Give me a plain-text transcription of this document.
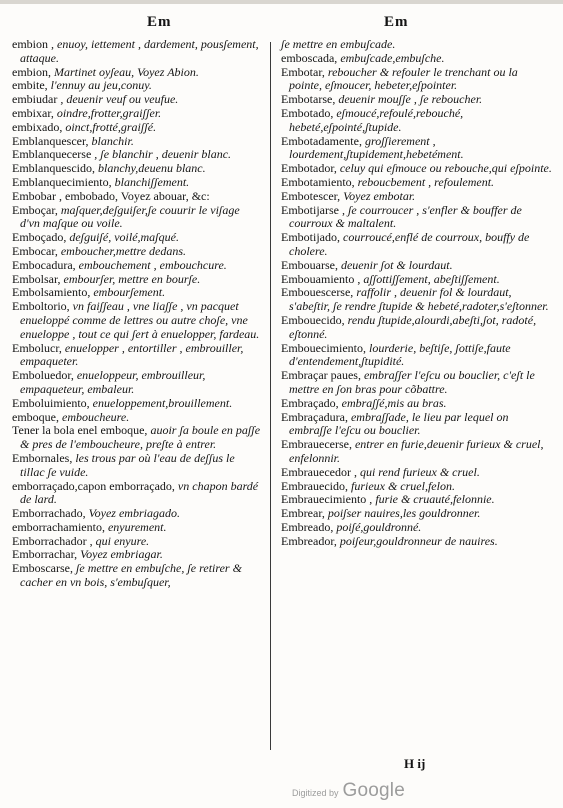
Em	Em

embion , enuoy, iettement , dardement, pousʃement, attaque.

embion, Martinet oyʃeau, Voyez Abion.

embite, l'ennuy au jeu,conuy.

embiudar , deuenir veuf ou veufue.

embixar, oindre,frotter,graiʃʃer.

embixado, oinct,frotté,graiʃʃé.

Emblanquescer, blanchir.

Emblanquecerse , ʃe blanchir , deuenir blanc.

Emblanquescido, blanchy,deuenu blanc.

Emblanquecimiento, blanchiʃʃement.

Embobar , embobado, Voyez abouar, &c:

Emboçar, maʃquer,deʃguiʃer,ʃe couurir le viʃage d'vn maʃque ou voile.

Emboçado, deʃguiʃé, voilé,maʃqué.

Embocar, emboucher,mettre dedans.

Embocadura, embouchement , embouchcure.

Embolsar, embourʃer, mettre en bourʃe.

Embolsamiento, embourʃement.

Emboltorio, vn faiʃʃeau , vne liaʃʃe , vn pacquet enueloppé comme de lettres ou autre choʃe, vne enueloppe , tout ce qui ʃert à enuelopper, fardeau.

Embolucr, enuelopper , entortiller , embrouiller, empaqueter.

Emboluedor, enueloppeur, embrouilleur, empaqueteur, embaleur.

Emboluimiento, enueloppement,brouillement.

emboque, emboucheure.

Tener la bola enel emboque, auoir ʃa boule en paʃʃe & pres de l'emboucheure, preʃte à entrer.

Embornales, les trous par où l'eau de deʃʃus le tillac ʃe vuide.

emborraçado,capon emborraçado, vn chapon bardé de lard.

Emborrachado, Voyez embriagado.

emborrachamiento, enyurement.

Emborrachador , qui enyure.

Emborrachar, Voyez embriagar.

Emboscarse, ʃe mettre en embuʃche, ʃe retirer & cacher en vn bois, s'embuʃquer,

ʃe mettre en embuʃcade.

emboscada, embuʃcade,embuʃche.

Embotar, reboucher & refouler le trenchant ou la pointe, eʃmoucer, hebeter,eʃpointer.

Embotarse, deuenir mouʃʃe , ʃe reboucher.

Embotado, eʃmoucé,refoulé,rebouché, hebeté,eʃpointé,ʃtupide.

Embotadamente, groʃʃierement , lourdement,ʃtupidement,hebetément.

Embotador, celuy qui eʃmouce ou rebouche,qui eʃpointe.

Embotamiento, reboucbement , refoulement.

Embotescer, Voyez embotar.

Embotijarse , ʃe courroucer , s'enfler & bouffer de courroux & maltalent.

Embotijado, courroucé,enflé de courroux, bouffy de cholere.

Embouarse, deuenir ʃot & lourdaut.

Embouamiento , aʃʃottiʃʃement, abeʃtiʃʃement.

Embouescerse, raffolir , deuenir fol & lourdaut, s'abeʃtir, ʃe rendre ʃtupide & hebeté,radoter,s'eʃtonner.

Embouecido, rendu ʃtupide,alourdi,abeʃti,ʃot, radoté, eʃtonné.

Embouecimiento, lourderie, beʃtiʃe, ʃottiʃe,faute d'entendement,ʃtupidité.

Embraçar paues, embraʃʃer l'eʃcu ou bouclier, c'eʃt le mettre en ʃon bras pour cõbattre.

Embraçado, embraʃʃé,mis au bras.

Embraçadura, embraʃʃade, le lieu par lequel on embraʃʃe l'eʃcu ou bouclier.

Embrauecerse, entrer en furie,deuenir furieux & cruel, enfelonnir.

Embrauecedor , qui rend furieux & cruel.

Embrauecido, furieux & cruel,felon.

Embrauecimiento , furie & cruauté,felonnie.

Embrear, poiʃser nauires,les gouldronner.

Embreado, poiʃé,gouldronné.

Embreador, poiʃeur,gouldronneur de nauires.

H ij
Digitized by Google
